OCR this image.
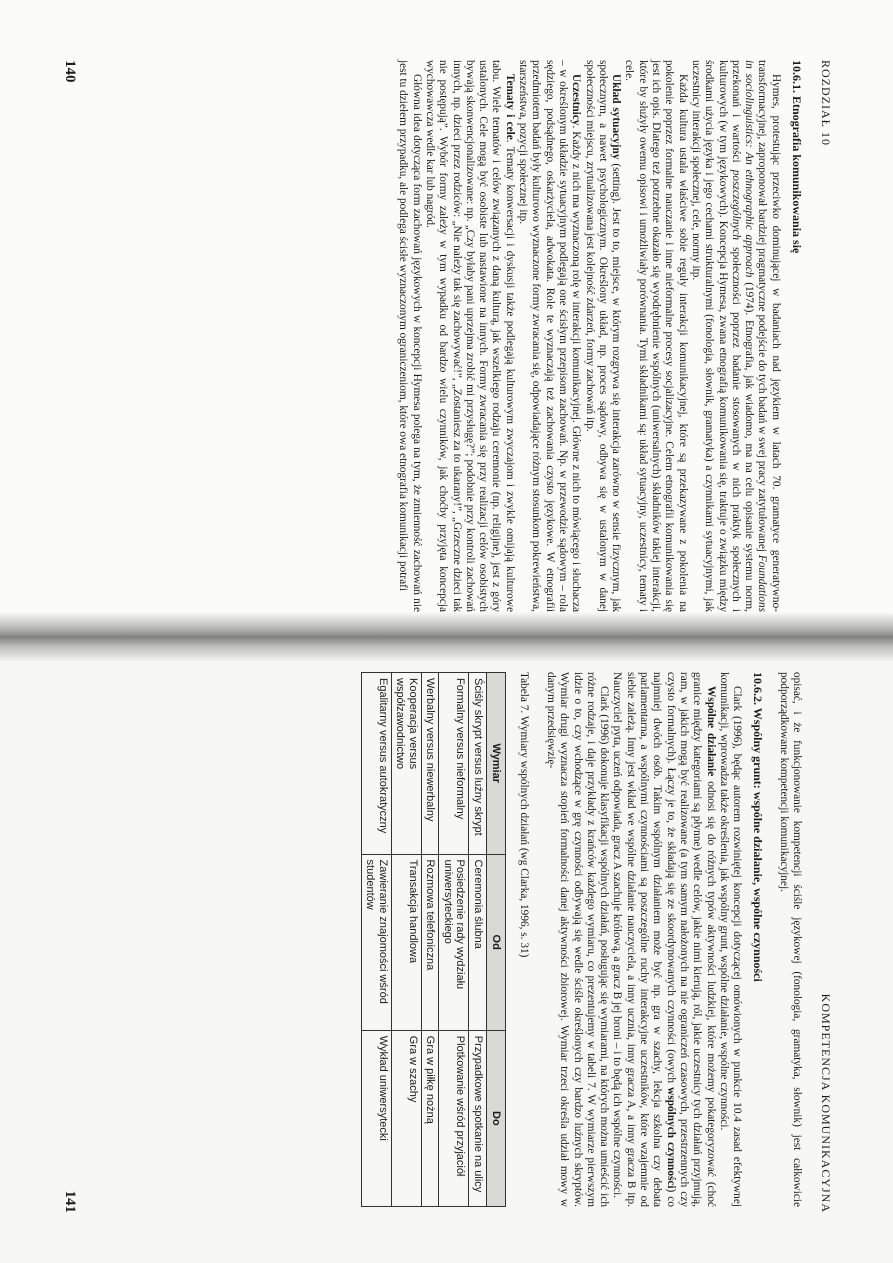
ROZDZIAŁ 10
10.6.1. Etnografia komunikowania się

Hymes, protestując przeciwko dominującej w badaniach nad językiem w latach 70. gramatyce generatywno-transformacyjnej, zaproponował bardziej pragmatyczne podejście do tych badań w swej pracy zatytułowanej Foundations in sociolinguistics: An ethnographic approach (1974). Etnografia, jak wiadomo, ma na celu opisanie systemu norm, przekonań i wartości poszczególnych społeczności poprzez badanie stosowanych w nich praktyk społecznych i kulturowych (w tym językowych). Koncepcja Hymesa, zwana etnografią komunikowania się, traktuje o związku między środkami użycia języka i jego cechami strukturalnymi (fonologia, słownik, gramatyka) a czynnikami sytuacyjnymi, jak uczestnicy interakcji społecznej, cele, normy itp.

Każda kultura ustala właściwe sobie reguły interakcji komunikacyjnej, które są przekazywane z pokolenia na pokolenie poprzez formalne nauczanie i inne nieformalne procesy socjalizacyjne. Celem etnografii komunikowania się jest ich opis. Dlatego też potrzebne okazało się wyodrębnienie wspólnych (uniwersalnych) składników takiej interakcji, które by służyły owemu opisowi i umożliwiały porównania. Tymi składnikami są: układ sytuacyjny, uczestnicy, tematy i cele.

Układ sytuacyjny (setting). Jest to to, miejsce, w którym rozgrywa się interakcja zarówno w sensie fizycznym, jak społecznym, a nawet psychologicznym. Określony układ, np. proces sądowy, odbywa się w ustalonym w danej społeczności miejscu, zrytualizowana jest kolejność zdarzeń, formy zachowań itp.

Uczestnicy. Każdy z nich ma wyznaczoną rolę w interakcji komunikacyjnej. Główne z nich to mówiącego i słuchacza – w określonym układzie sytuacyjnym podlegają one ścisłym przepisom zachowań. Np. w przewodzie sądowym – rola sędziego, podsądnego, oskarżyciela, adwokata. Role te wyznaczają też zachowania czysto językowe. W etnografii przedmiotem badań były kulturowo wyznaczone formy zwracania się, odpowiadające różnym stosunkom pokrewieństwa, starszeństwa, pozycji społecznej itp.

Tematy i cele. Tematy konwersacji i dyskusji także podlegają kulturowym zwyczajom i zwykle omijają kulturowe tabu. Wiele tematów i celów związanych z daną kulturą, jak wszelkiego rodzaju ceremonie (np. religijne), jest z góry ustalonych. Cele mogą być osobiste lub nastawione na innych. Formy zwracania się przy realizacji celów osobistych bywają skonwencjonalizowane: np. „Czy byłaby pani uprzejma zrobić mi przysługę?”; podobnie przy kontroli zachowań innych, np. dzieci przez rodziców: „Nie należy tak się zachowywać!”, „Zostaniesz za to ukarany!”, „Grzeczne dzieci tak nie postępują”. Wybór formy zależy w tym wypadku od bardzo wielu czynników, jak choćby przyjęta koncepcja wychowawcza wedle kar lub nagród.

Główna idea dotycząca form zachowań językowych w koncepcji Hymesa polega na tym, że zmienność zachowań nie jest tu dziełem przypadku, ale podlega ścisłe wyznaczonym ograniczeniom, które owa etnografia komunikacji potrafi

140
KOMPETENCJA KOMUNIKACYJNA

opisać, i że funkcjonowanie kompetencji ściśle językowej (fonologia, gramatyka, słownik) jest całkowicie podporządkowane kompetencji komunikacyjnej.

10.6.2. Wspólny grunt: wspólne działanie, wspólne czynności

Clark (1996), będąc autorem rozwiniętej koncepcji dotyczącej omówionych w punkcie 10.4 zasad efektywnej komunikacji, wprowadza także określenia, jak wspólny grunt, wspólne działanie, wspólne czynności.

Wspólne działanie odnosi się do różnych typów aktywności ludzkiej, które możemy pokategoryzować (choć granice między kategoriami są płynne) wedle celów, jakie nimi kierują, ról, jakie uczestnicy tych działań przyjmują, ram, w jakich mogą być realizowane (a tym samym nałożonych na nie ograniczeń czasowych, przestrzennych czy czysto formalnych). Łączy je to, że składają się ze skoordynowanych czynności (owych wspólnych czynności) co najmniej dwóch osób. Takim wspólnym działaniem może być np. gra w szachy, lekcja szkolna czy debata parlamentarna, a wspólnymi czynnościami są poszczególne ruchy interakcyjne uczestników, które wzajemnie od siebie zależą. Inny jest wkład we wspólne działanie nauczyciela, a inny ucznia, inny gracza A, a inny gracza B itp. Nauczyciel pyta, uczeń odpowiada, gracz A szachuje królową, a gracz B jej broni – i to będą ich wspólne czynności.

Clark (1996) dokonuje klasyfikacji wspólnych działań, posługując się wymiarami, na których można umieścić ich różne rodzaje, i daje przykłady z krańców każdego wymiaru, co prezentujemy w tabeli 7. W wymiarze pierwszym idzie o to, czy wchodzące w grę czynności odbywają się wedle ściśle określonych czy bardzo luźnych skryptów. Wymiar drugi wyznacza stopień formalności danej aktywności zbiorowej. Wymiar trzeci określa udział mowy w danym przedsięwzię-

Tabela 7. Wymiary wspólnych działań (wg Clarka, 1996, s. 31)
Wymiar	Od	Do
Ściśly skrypt versus luźny skrypt	Ceremonia ślubna	Przypadkowe spotkanie na ulicy
Formalny versus nieformalny	Posiedzenie rady wydziału uniwersyteckiego	Plotkowanie wśród przyjaciół
Werbalny versus niewerbalny	Rozmowa telefoniczna	Gra w piłkę nożną
Kooperacja versus współzawodnictwo	Transakcja handlowa	Gra w szachy
Egalitarny versus autokratyczny	Zawieranie znajomości wśród studentów	Wykład uniwersytecki
141
